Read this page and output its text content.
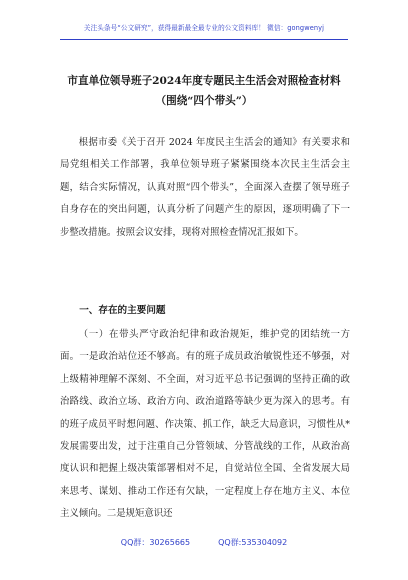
关注头条号“公文研究”，获得最新最全最专业的公文资料库！ 微信：gongwenyj
市直单位领导班子2024年度专题民主生活会对照检查材料
（围绕“四个带头”）

根据市委《关于召开 2024 年度民主生活会的通知》有关要求和局党组相关工作部署，我单位领导班子紧紧围绕本次民主生活会主题，结合实际情况，认真对照“四个带头”，全面深入查摆了领导班子自身存在的突出问题，认真分析了问题产生的原因，逐项明确了下一步整改措施。按照会议安排，现将对照检查情况汇报如下。

一、存在的主要问题

（一）在带头严守政治纪律和政治规矩，维护党的团结统一方面。一是政治站位还不够高。有的班子成员政治敏锐性还不够强，对上级精神理解不深刻、不全面，对习近平总书记强调的坚持正确的政治路线、政治立场、政治方向、政治道路等缺少更为深入的思考。有的班子成员平时想问题、作决策、抓工作，缺乏大局意识，习惯性从*发展需要出发，过于注重自己分管领域、分管战线的工作，从政治高度认识和把握上级决策部署相对不足，自觉站位全国、全省发展大局来思考、谋划、推动工作还有欠缺，一定程度上存在地方主义、本位主义倾向。二是规矩意识还

QQ群：30265665	QQ群:535304092
